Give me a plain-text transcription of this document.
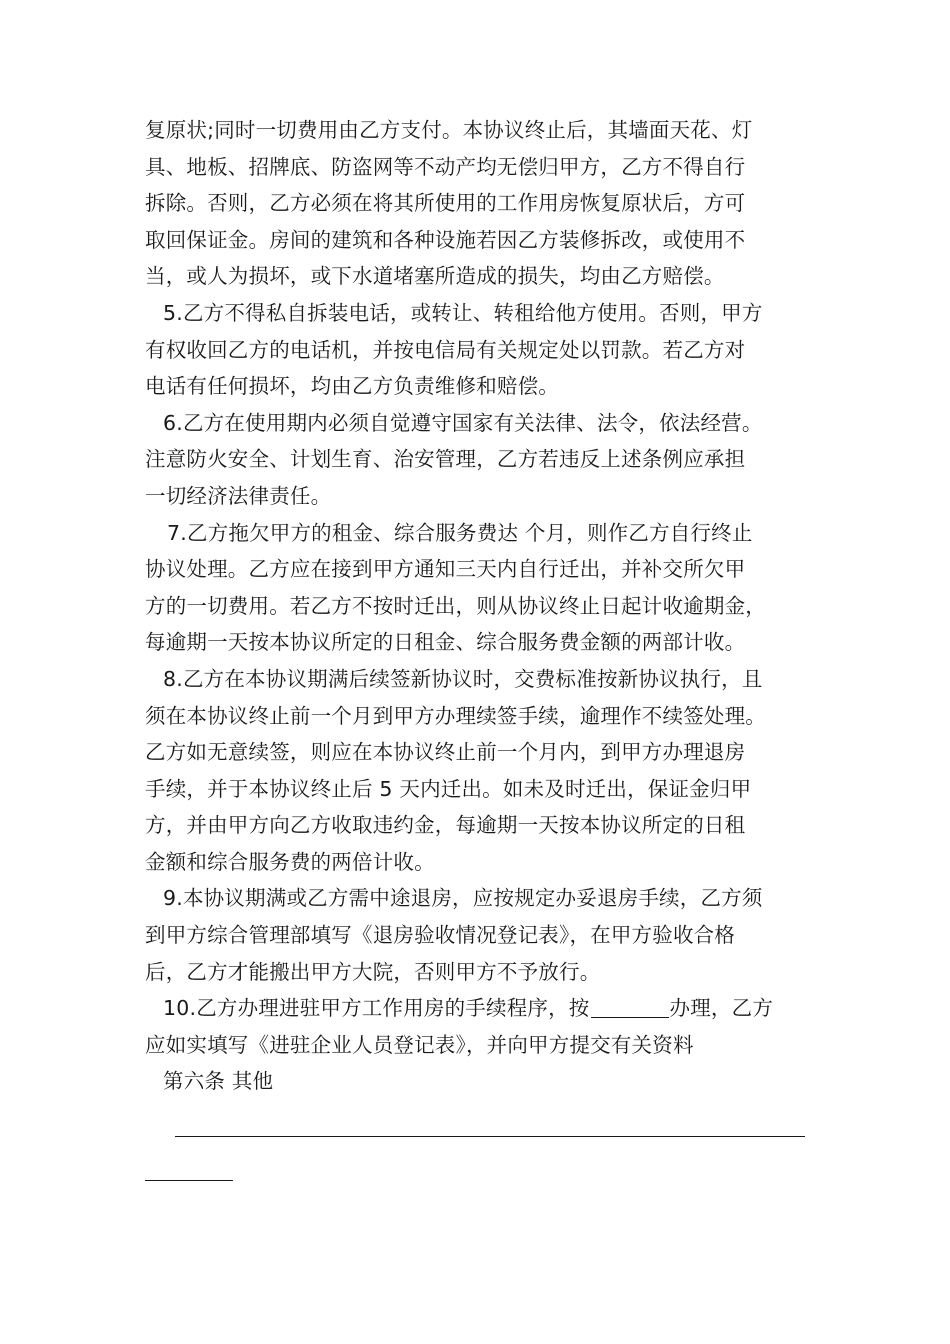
复原状;同时一切费用由乙方支付。本协议终止后，其墙面天花、灯
具、地板、招牌底、防盗网等不动产均无偿归甲方，乙方不得自行
拆除。否则，乙方必须在将其所使用的工作用房恢复原状后，方可
取回保证金。房间的建筑和各种设施若因乙方装修拆改，或使用不
当，或人为损坏，或下水道堵塞所造成的损失，均由乙方赔偿。
5.乙方不得私自拆装电话，或转让、转租给他方使用。否则，甲方
有权收回乙方的电话机，并按电信局有关规定处以罚款。若乙方对
电话有任何损坏，均由乙方负责维修和赔偿。
6.乙方在使用期内必须自觉遵守国家有关法律、法令，依法经营。
注意防火安全、计划生育、治安管理，乙方若违反上述条例应承担
一切经济法律责任。
7.乙方拖欠甲方的租金、综合服务费达 个月，则作乙方自行终止
协议处理。乙方应在接到甲方通知三天内自行迁出，并补交所欠甲
方的一切费用。若乙方不按时迁出，则从协议终止日起计收逾期金，
每逾期一天按本协议所定的日租金、综合服务费金额的两部计收。
8.乙方在本协议期满后续签新协议时，交费标准按新协议执行，且
须在本协议终止前一个月到甲方办理续签手续，逾理作不续签处理。
乙方如无意续签，则应在本协议终止前一个月内，到甲方办理退房
手续，并于本协议终止后 5 天内迁出。如未及时迁出，保证金归甲
方，并由甲方向乙方收取违约金，每逾期一天按本协议所定的日租
金额和综合服务费的两倍计收。
9.本协议期满或乙方需中途退房，应按规定办妥退房手续，乙方须
到甲方综合管理部填写《退房验收情况登记表》，在甲方验收合格
后，乙方才能搬出甲方大院，否则甲方不予放行。
10.乙方办理进驻甲方工作用房的手续程序，按	办理，乙方
应如实填写《进驻企业人员登记表》，并向甲方提交有关资料
第六条 其他
